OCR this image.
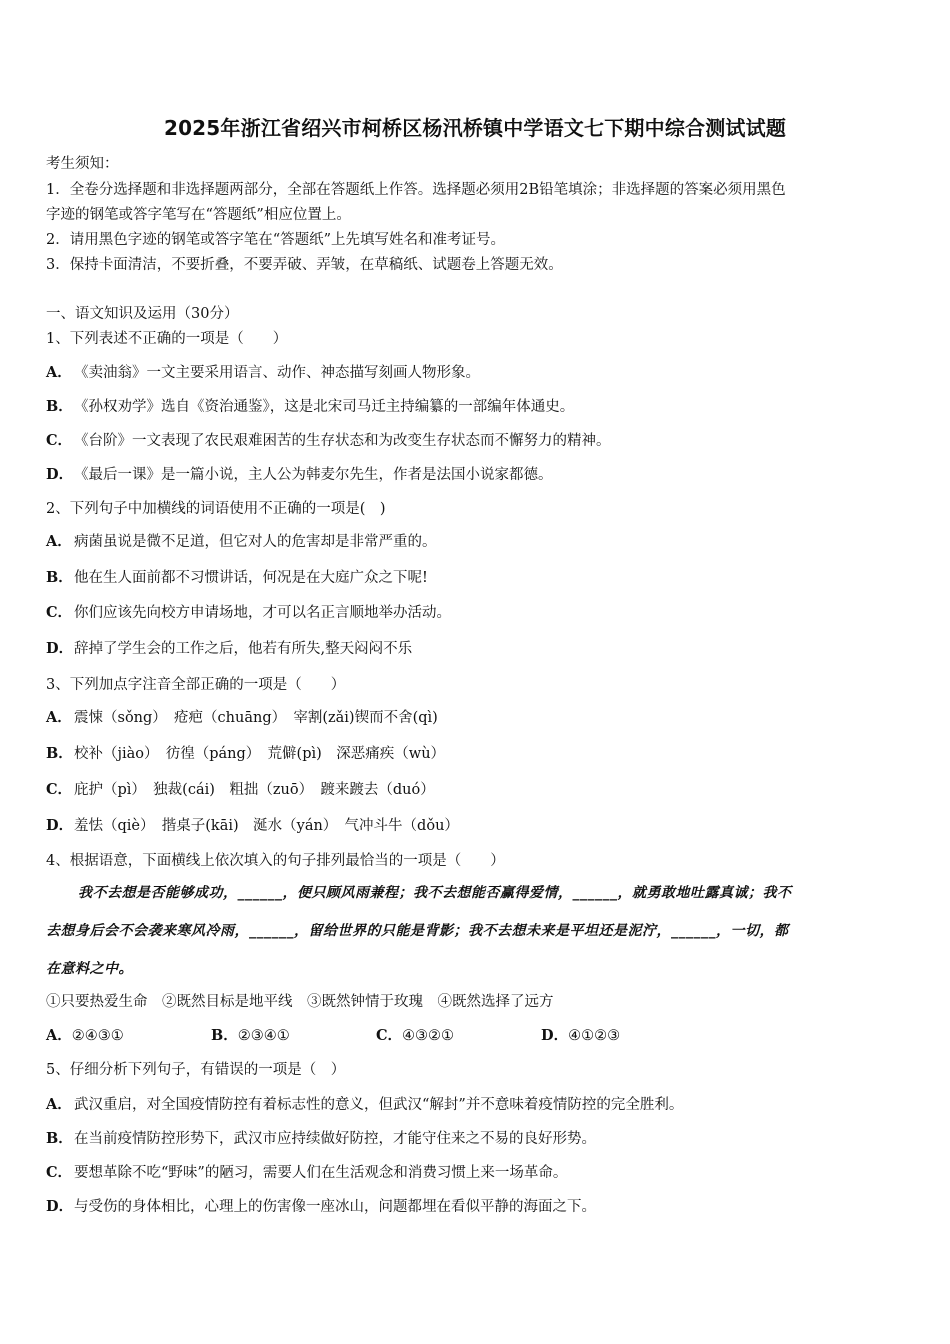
2025年浙江省绍兴市柯桥区杨汛桥镇中学语文七下期中综合测试试题
考生须知：
1．全卷分选择题和非选择题两部分，全部在答题纸上作答。选择题必须用2B铅笔填涂；非选择题的答案必须用黑色
字迹的钢笔或答字笔写在“答题纸”相应位置上。
2．请用黑色字迹的钢笔或答字笔在“答题纸”上先填写姓名和准考证号。
3．保持卡面清洁，不要折叠，不要弄破、弄皱，在草稿纸、试题卷上答题无效。
一、语文知识及运用（30分）
1、下列表述不正确的一项是（　　）
A． 《卖油翁》一文主要采用语言、动作、神态描写刻画人物形象。
B．《孙权劝学》选自《资治通鉴》，这是北宋司马迁主持编纂的一部编年体通史。
C． 《台阶》一文表现了农民艰难困苦的生存状态和为改变生存状态而不懈努力的精神。
D．《最后一课》是一篇小说，主人公为韩麦尔先生，作者是法国小说家都德。
2、下列句子中加横线的词语使用不正确的一项是(　)
A． 病菌虽说是微不足道，但它对人的危害却是非常严重的。
B．他在生人面前都不习惯讲话，何况是在大庭广众之下呢!
C． 你们应该先向校方申请场地，才可以名正言顺地举办活动。
D．辞掉了学生会的工作之后，他若有所失,整天闷闷不乐
3、下列加点字注音全部正确的一项是（　　）
A． 震悚（sǒng）　疮疤（chuāng）　宰割(zǎi)锲而不舍(qì)
B．校补（jiào）　彷徨（páng）　荒僻(pì)　深恶痛疾（wù）
C． 庇护（pì）　独裁(cái)　粗拙（zuō）　踱来踱去（duó）
D．羞怯（qiè）　揩桌子(kāi)　涎水（yán）　气冲斗牛（dǒu）
4、根据语意，下面横线上依次填入的句子排列最恰当的一项是（　　）
我不去想是否能够成功，______，便只顾风雨兼程；我不去想能否赢得爱情，______，就勇敢地吐露真诚；我不
去想身后会不会袭来寒风冷雨，______，留给世界的只能是背影；我不去想未来是平坦还是泥泞，______，一切，都
在意料之中。
①只要热爱生命　②既然目标是地平线　③既然钟情于玫瑰　④既然选择了远方
A．②④③①	B．②③④①	C．④③②①	D．④①②③
5、仔细分析下列句子，有错误的一项是（　）
A． 武汉重启，对全国疫情防控有着标志性的意义，但武汉“解封”并不意味着疫情防控的完全胜利。
B．在当前疫情防控形势下，武汉市应持续做好防控，才能守住来之不易的良好形势。
C． 要想革除不吃“野味”的陋习，需要人们在生活观念和消费习惯上来一场革命。
D．与受伤的身体相比，心理上的伤害像一座冰山，问题都埋在看似平静的海面之下。
